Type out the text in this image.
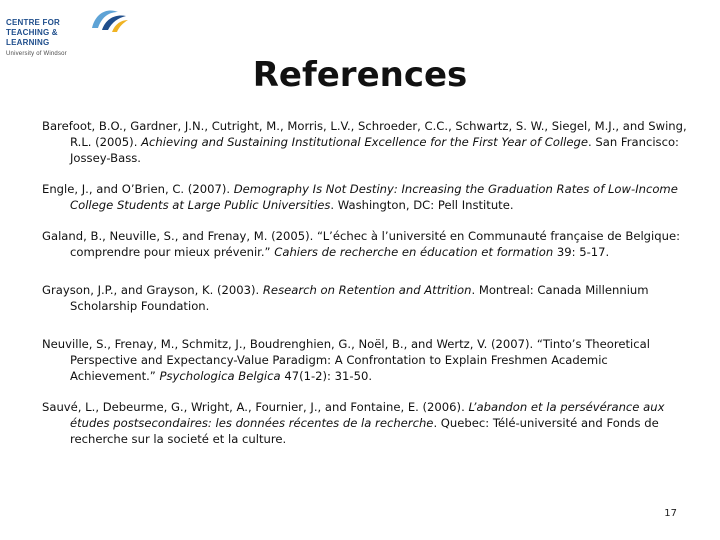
CENTRE FOR
TEACHING & LEARNING
University of Windsor
References

Barefoot, B.O., Gardner, J.N., Cutright, M., Morris, L.V., Schroeder, C.C., Schwartz, S. W., Siegel, M.J., and Swing, R.L. (2005). Achieving and Sustaining Institutional Excellence for the First Year of College. San Francisco: Jossey-Bass.

Engle, J., and O’Brien, C. (2007). Demography Is Not Destiny: Increasing the Graduation Rates of Low-Income College Students at Large Public Universities. Washington, DC: Pell Institute.

Galand, B., Neuville, S., and Frenay, M. (2005). “L’échec à l’université en Communauté française de Belgique: comprendre pour mieux prévenir.” Cahiers de recherche en éducation et formation 39: 5-17.

Grayson, J.P., and Grayson, K. (2003). Research on Retention and Attrition. Montreal: Canada Millennium Scholarship Foundation.

Neuville, S., Frenay, M., Schmitz, J., Boudrenghien, G., Noël, B., and Wertz, V. (2007). “Tinto’s Theoretical Perspective and Expectancy-Value Paradigm: A Confrontation to Explain Freshmen Academic Achievement.” Psychologica Belgica 47(1-2): 31-50.

Sauvé, L., Debeurme, G., Wright, A., Fournier, J., and Fontaine, E. (2006). L’abandon et la persévérance aux études postsecondaires: les données récentes de la recherche. Quebec: Télé-université and Fonds de recherche sur la societé et la culture.

17
